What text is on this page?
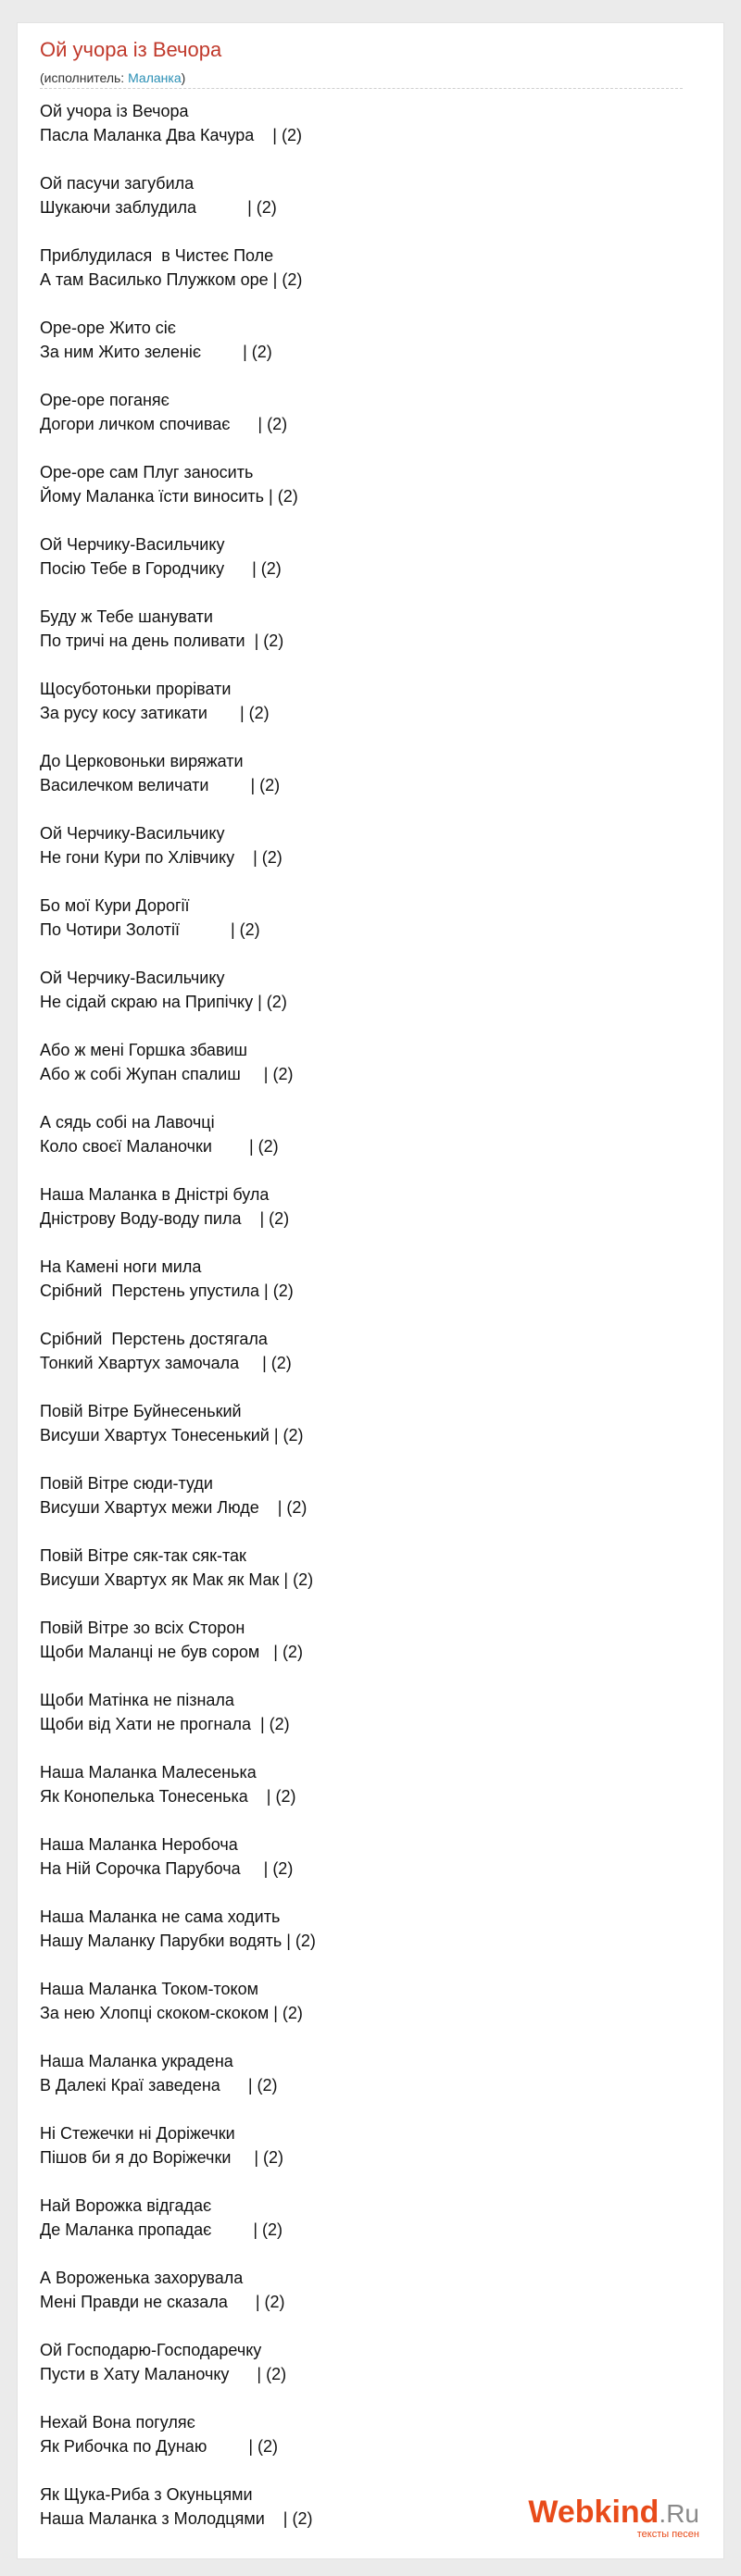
Ой учора із Вечора
(исполнитель: Маланка)
Ой учора із Вечора
Пасла Маланка Два Качура    | (2)
Ой пасучи загубила
Шукаючи заблудила           | (2)
Приблудилася  в Чистеє Поле
А там Василько Плужком оре | (2)
Оре-оре Жито сіє
За ним Жито зеленіє         | (2)
Оре-оре поганяє
Догори личком спочиває      | (2)
Оре-оре сам Плуг заносить
Йому Маланка їсти виносить | (2)
Ой Черчику-Васильчику
Посію Тебе в Городчику      | (2)
Буду ж Тебе шанувати
По тричі на день поливати  | (2)
Щосуботоньки прорівати
За русу косу затикати       | (2)
До Церковоньки виряжати
Василечком величати         | (2)
Ой Черчику-Васильчику
Не гони Кури по Хлівчику    | (2)
Бо мої Кури Дорогії
По Чотири Золотії           | (2)
Ой Черчику-Васильчику
Не сідай скраю на Припічку | (2)
Або ж мені Горшка збавиш
Або ж собі Жупан спалиш     | (2)
А сядь собі на Лавочці
Коло своєї Маланочки        | (2)
Наша Маланка в Дністрі була
Дністрову Воду-воду пила    | (2)
На Камені ноги мила
Срібний  Перстень упустила | (2)
Срібний  Перстень достягала
Тонкий Хвартух замочала     | (2)
Повій Вітре Буйнесенький
Висуши Хвартух Тонесенький | (2)
Повій Вітре сюди-туди
Висуши Хвартух межи Люде    | (2)
Повій Вітре сяк-так сяк-так
Висуши Хвартух як Мак як Мак | (2)
Повій Вітре зо всіх Сторон
Щоби Маланці не був сором   | (2)
Щоби Матінка не пізнала
Щоби від Хати не прогнала  | (2)
Наша Маланка Малесенька
Як Конопелька Тонесенька    | (2)
Наша Маланка Неробоча
На Ній Сорочка Парубоча     | (2)
Наша Маланка не сама ходить
Нашу Маланку Парубки водять | (2)
Наша Маланка Током-током
За нею Хлопці скоком-скоком | (2)
Наша Маланка украдена
В Далекі Краї заведена      | (2)
Ні Стежечки ні Доріжечки
Пішов би я до Воріжечки     | (2)
Най Ворожка відгадає
Де Маланка пропадає         | (2)
А Вороженька захорувала
Мені Правди не сказала      | (2)
Ой Господарю-Господаречку
Пусти в Хату Маланочку      | (2)
Нехай Вона погуляє
Як Рибочка по Дунаю         | (2)
Як Щука-Риба з Окуньцями
Наша Маланка з Молодцями    | (2)	Webkind.Ru
тексты песен
